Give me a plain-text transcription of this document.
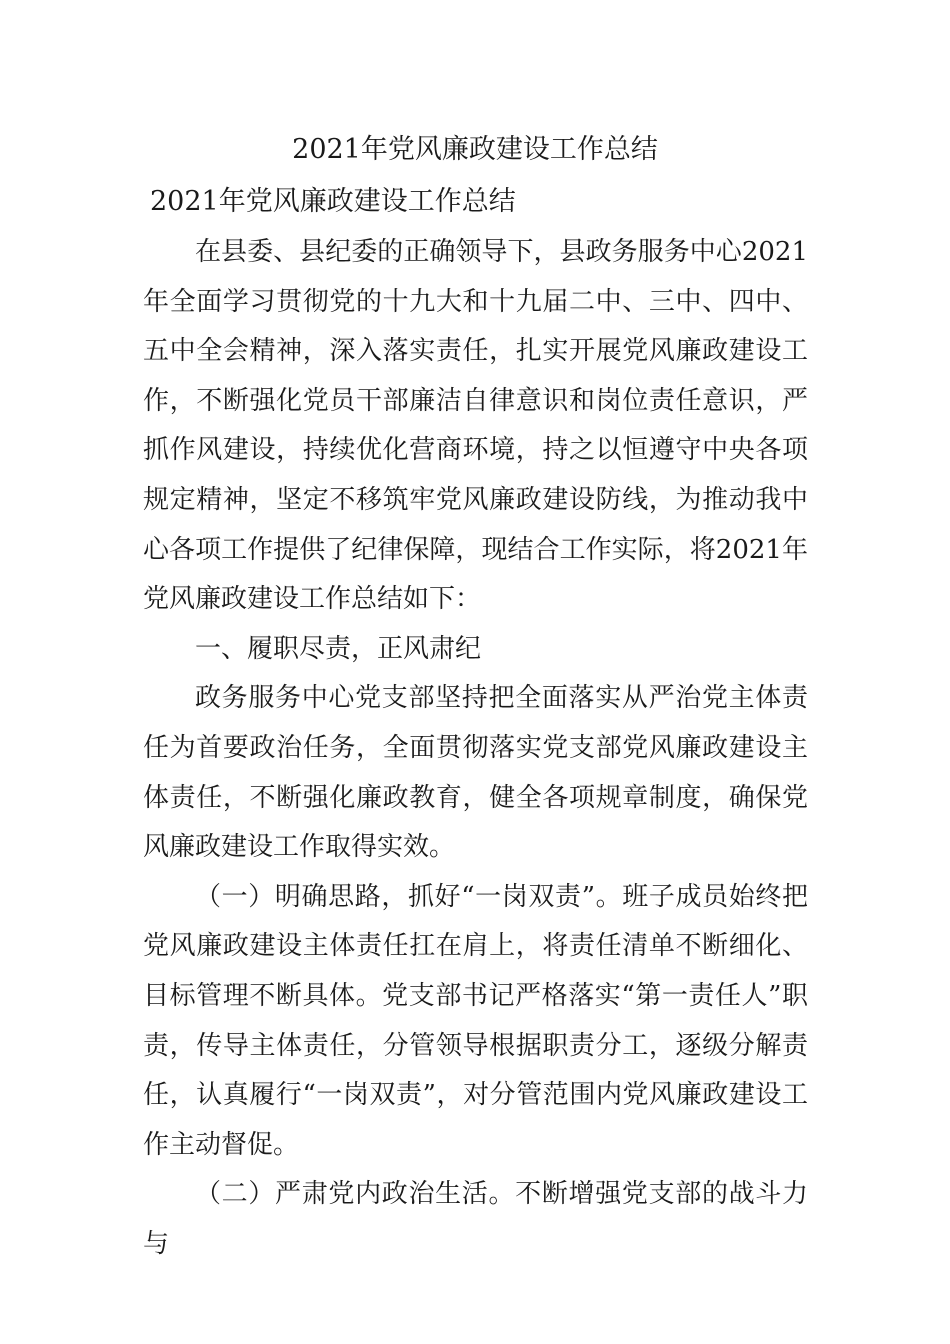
2021年党风廉政建设工作总结
2021年党风廉政建设工作总结

在县委、县纪委的正确领导下，县政务服务中心2021年全面学习贯彻党的十九大和十九届二中、三中、四中、五中全会精神，深入落实责任，扎实开展党风廉政建设工作，不断强化党员干部廉洁自律意识和岗位责任意识，严抓作风建设，持续优化营商环境，持之以恒遵守中央各项规定精神，坚定不移筑牢党风廉政建设防线，为推动我中心各项工作提供了纪律保障，现结合工作实际，将2021年党风廉政建设工作总结如下：

一、履职尽责，正风肃纪

政务服务中心党支部坚持把全面落实从严治党主体责任为首要政治任务，全面贯彻落实党支部党风廉政建设主体责任，不断强化廉政教育，健全各项规章制度，确保党风廉政建设工作取得实效。

（一）明确思路，抓好“一岗双责”。班子成员始终把党风廉政建设主体责任扛在肩上，将责任清单不断细化、目标管理不断具体。党支部书记严格落实“第一责任人”职责，传导主体责任，分管领导根据职责分工，逐级分解责任，认真履行“一岗双责”，对分管范围内党风廉政建设工作主动督促。

（二）严肃党内政治生活。不断增强党支部的战斗力与
